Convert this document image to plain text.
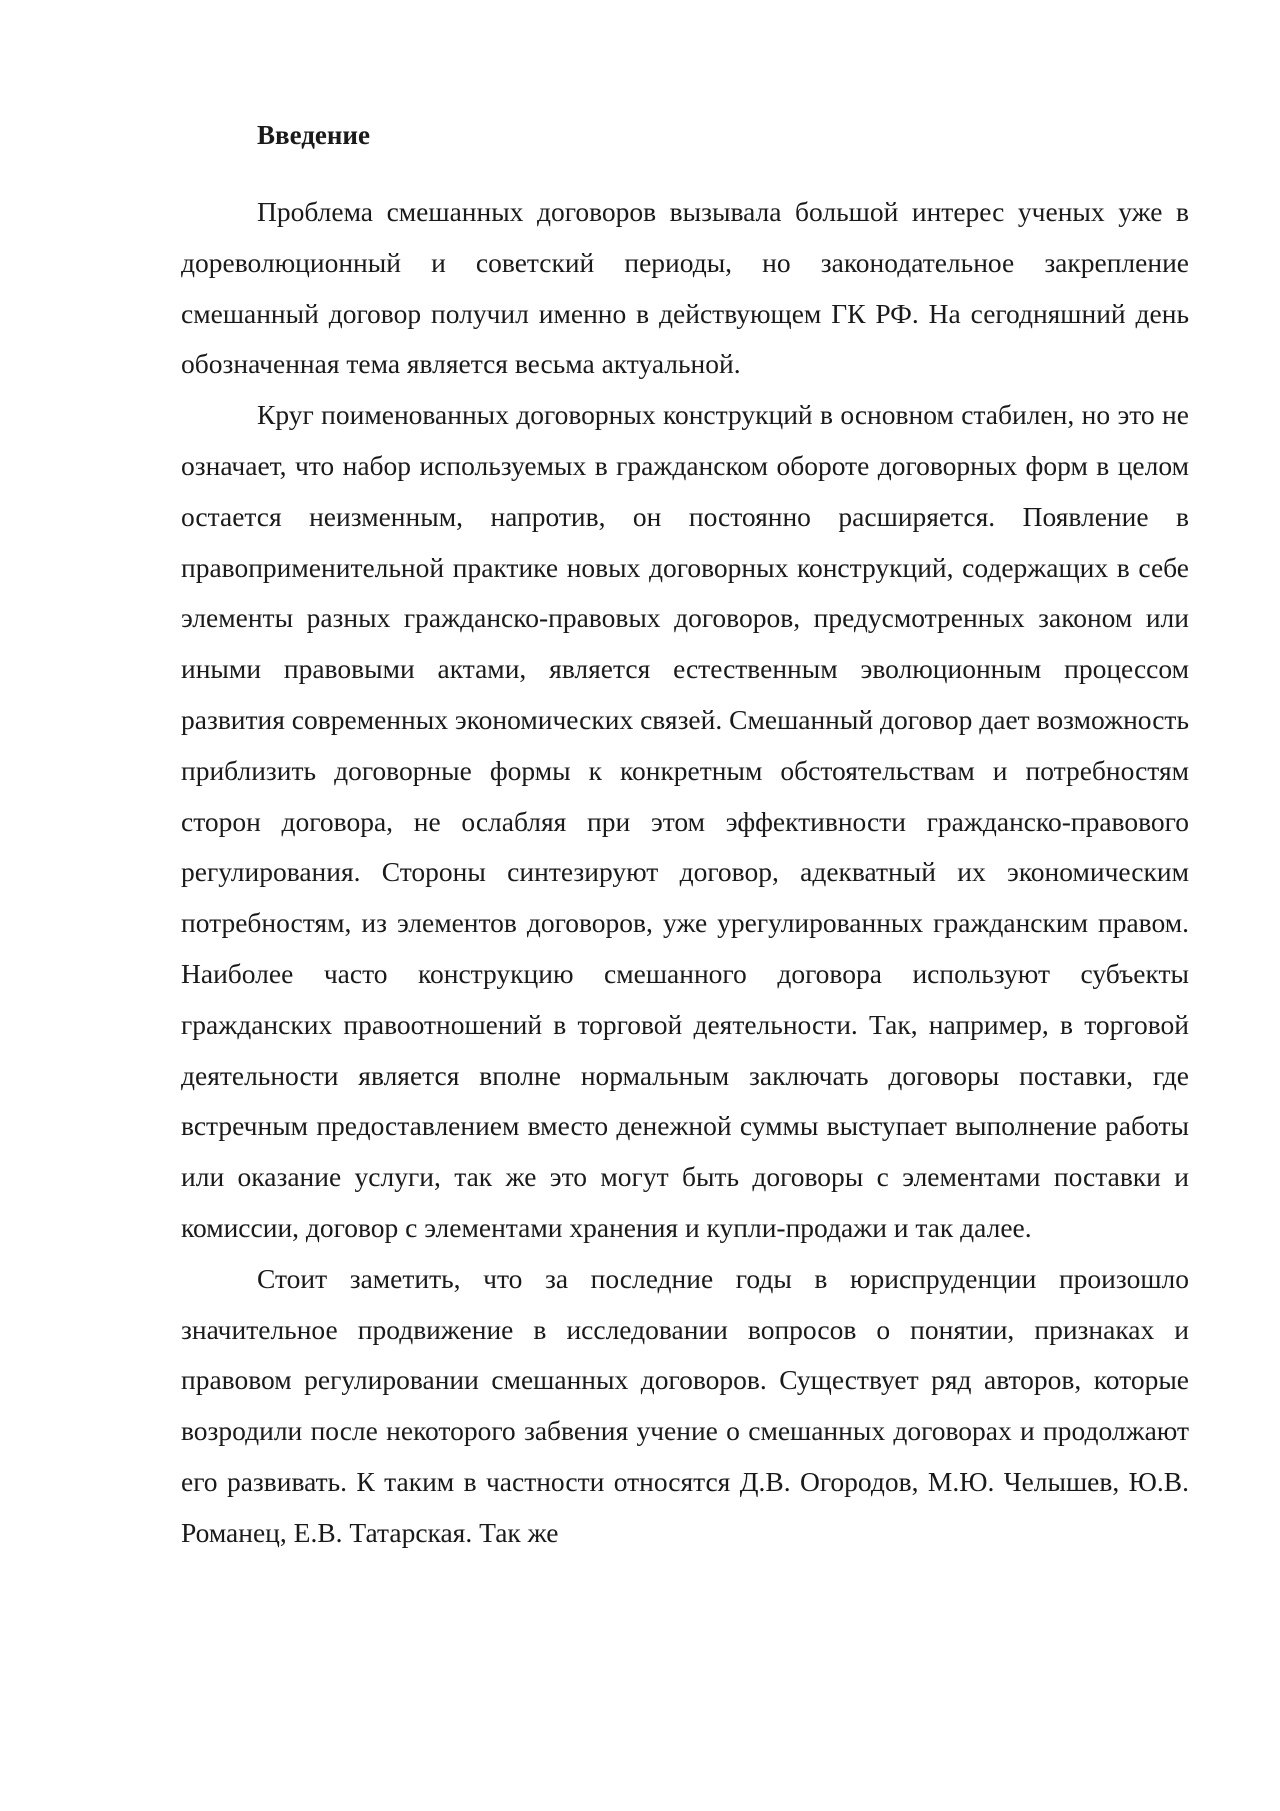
Введение

Проблема смешанных договоров вызывала большой интерес ученых уже в дореволюционный и советский периоды, но законодательное закрепление смешанный договор получил именно в действующем ГК РФ. На сегодняшний день обозначенная тема является весьма актуальной.

Круг поименованных договорных конструкций в основном стабилен, но это не означает, что набор используемых в гражданском обороте договорных форм в целом остается неизменным, напротив, он постоянно расширяется. Появление в правоприменительной практике новых договорных конструкций, содержащих в себе элементы разных гражданско-правовых договоров, предусмотренных законом или иными правовыми актами, является естественным эволюционным процессом развития современных экономических связей. Смешанный договор дает возможность приблизить договорные формы к конкретным обстоятельствам и потребностям сторон договора, не ослабляя при этом эффективности гражданско-правового регулирования. Стороны синтезируют договор, адекватный их экономическим потребностям, из элементов договоров, уже урегулированных гражданским правом. Наиболее часто конструкцию смешанного договора используют субъекты гражданских правоотношений в торговой деятельности. Так, например, в торговой деятельности является вполне нормальным заключать договоры поставки, где встречным предоставлением вместо денежной суммы выступает выполнение работы или оказание услуги, так же это могут быть договоры с элементами поставки и комиссии, договор с элементами хранения и купли-продажи и так далее.

Стоит заметить, что за последние годы в юриспруденции произошло значительное продвижение в исследовании вопросов о понятии, признаках и правовом регулировании смешанных договоров. Существует ряд авторов, которые возродили после некоторого забвения учение о смешанных договорах и продолжают его развивать. К таким в частности относятся Д.В. Огородов, М.Ю. Челышев, Ю.В. Романец, Е.В. Татарская. Так же
